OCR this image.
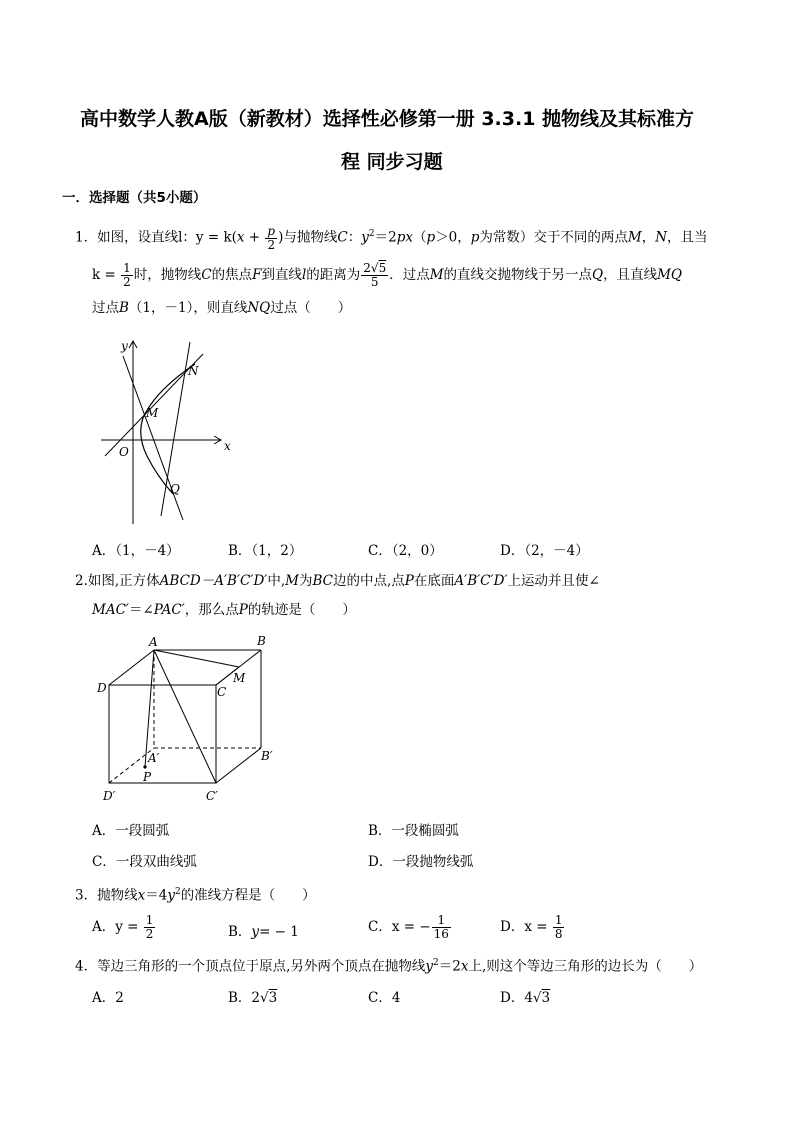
高中数学人教A版（新教材）选择性必修第一册 3.3.1 抛物线及其标准方
程 同步习题
一．选择题（共5小题）
1．如图，设直线l：$y = k(x + \frac{p}{2}$ )与抛物线C：$y^2=2px(p>0$，p为常数）交于不同的两点M，N，且当
$k = \frac{1}{2}$ 时，抛物线C的焦点F到直线l的距离为 $\frac{2√5}{5}$ ．过点M的直线交抛物线于另一点Q，且直线MQ
过点B（1，－1），则直线NQ过点（　　）
y
x
O
M
N
Q
A．（1，－4）	B．（1，2）	C．（2，0）	D．（2，－4）
2.如图,正方体ABCD－A′B′C′D′中,M为BC边的中点,点P在底面A′B′C′D′上运动并且使∠
MAC′＝∠PAC′，那么点P的轨迹是（　　）
A	B
C
D
M
A′	B′
C′
D′
P
A．一段圆弧	B．一段椭圆弧
C．一段双曲线弧	D．一段抛物线弧
3．抛物线$x=4y^2$的准线方程是（　　）
A．$y = \frac{1}{2}$	B．y= − 1	C．x = − $\frac{1}{16}$	D．$x = \frac{1}{8}$
4．等边三角形的一个顶点位于原点,另外两个顶点在抛物线$y^2=2x$上,则这个等边三角形的边长为（　　）
A．2	B．2√3	C．4	D．4√3
